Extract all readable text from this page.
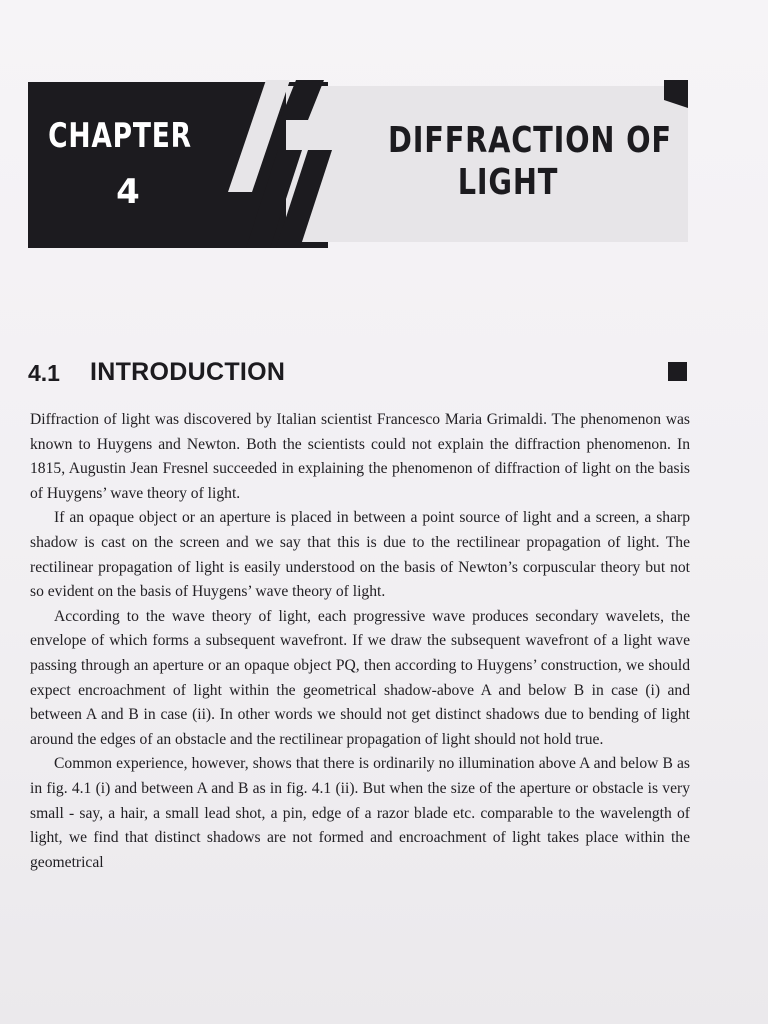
CHAPTER
4
DIFFRACTION OF
LIGHT
4.1 INTRODUCTION

Diffraction of light was discovered by Italian scientist Francesco Maria Grimaldi. The phenomenon was known to Huygens and Newton. Both the scientists could not explain the diffraction phenomenon. In 1815, Augustin Jean Fresnel succeeded in explaining the phenomenon of diffraction of light on the basis of Huygens’ wave theory of light.

If an opaque object or an aperture is placed in between a point source of light and a screen, a sharp shadow is cast on the screen and we say that this is due to the rectilinear propagation of light. The rectilinear propagation of light is easily understood on the basis of Newton’s corpuscular theory but not so evident on the basis of Huygens’ wave theory of light.

According to the wave theory of light, each progressive wave produces secondary wavelets, the envelope of which forms a subsequent wavefront. If we draw the subsequent wavefront of a light wave passing through an aperture or an opaque object PQ, then according to Huygens’ construction, we should expect encroachment of light within the geometrical shadow-above A and below B in case (i) and between A and B in case (ii). In other words we should not get distinct shadows due to bending of light around the edges of an obstacle and the rectilinear propagation of light should not hold true.

Common experience, however, shows that there is ordinarily no illumination above A and below B as in fig. 4.1 (i) and between A and B as in fig. 4.1 (ii). But when the size of the aperture or obstacle is very small - say, a hair, a small lead shot, a pin, edge of a razor blade etc. comparable to the wavelength of light, we find that distinct shadows are not formed and encroachment of light takes place within the geometrical
